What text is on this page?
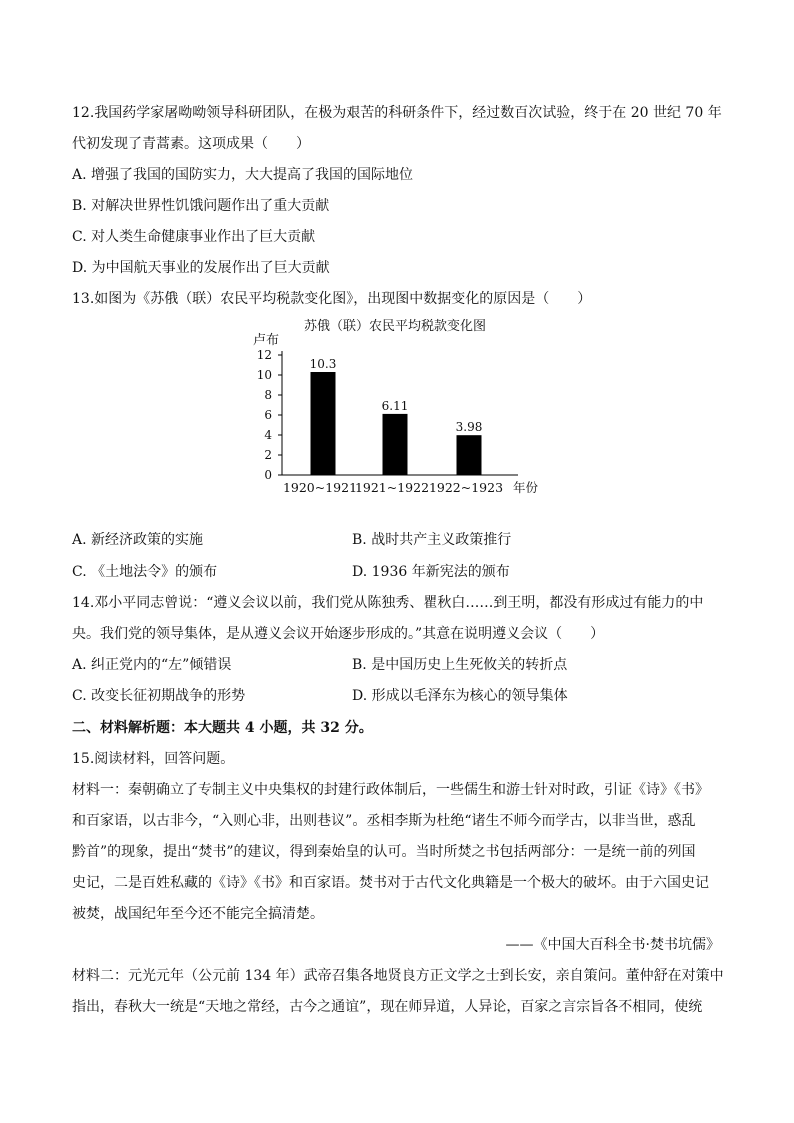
12.我国药学家屠呦呦领导科研团队，在极为艰苦的科研条件下，经过数百次试验，终于在 20 世纪 70 年
代初发现了青蒿素。这项成果（　　）
A. 增强了我国的国防实力，大大提高了我国的国际地位
B. 对解决世界性饥饿问题作出了重大贡献
C. 对人类生命健康事业作出了巨大贡献
D. 为中国航天事业的发展作出了巨大贡献
13.如图为《苏俄（联）农民平均税款变化图》，出现图中数据变化的原因是（　　）
苏俄（联）农民平均税款变化图
卢布
0
2
4
6
8
10
12
10.3
1920~1921
6.11
1921~1922
3.98
1922~1923 年份
A. 新经济政策的实施	B. 战时共产主义政策推行
C. 《土地法令》的颁布	D. 1936 年新宪法的颁布
14.邓小平同志曾说：“遵义会议以前，我们党从陈独秀、瞿秋白……到王明，都没有形成过有能力的中
央。我们党的领导集体，是从遵义会议开始逐步形成的。”其意在说明遵义会议（　　）
A. 纠正党内的“左”倾错误	B. 是中国历史上生死攸关的转折点
C. 改变长征初期战争的形势	D. 形成以毛泽东为核心的领导集体
二、材料解析题：本大题共 4 小题，共 32 分。
15.阅读材料，回答问题。
材料一：秦朝确立了专制主义中央集权的封建行政体制后，一些儒生和游士针对时政，引证《诗》《书》
和百家语，以古非今，“入则心非，出则巷议”。丞相李斯为杜绝“诸生不师今而学古，以非当世，惑乱
黔首”的现象，提出“焚书”的建议，得到秦始皇的认可。当时所焚之书包括两部分：一是统一前的列国
史记，二是百姓私藏的《诗》《书》和百家语。焚书对于古代文化典籍是一个极大的破坏。由于六国史记
被焚，战国纪年至今还不能完全搞清楚。
——《中国大百科全书·焚书坑儒》
材料二：元光元年（公元前 134 年）武帝召集各地贤良方正文学之士到长安，亲自策问。董仲舒在对策中
指出，春秋大一统是“天地之常经，古今之通谊”，现在师异道，人异论，百家之言宗旨各不相同，使统
